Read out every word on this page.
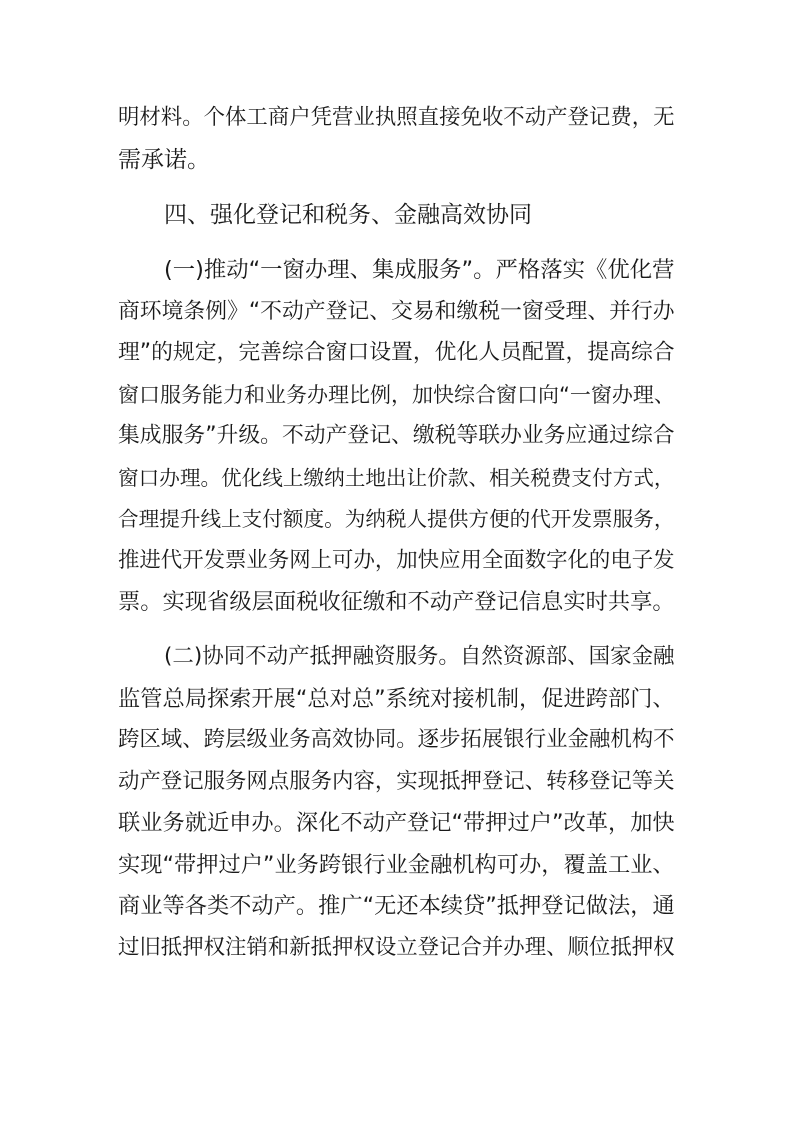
明材料。个体工商户凭营业执照直接免收不动产登记费，无

需承诺。

四、强化登记和税务、金融高效协同

(一)推动“一窗办理、集成服务”。严格落实《优化营

商环境条例》“不动产登记、交易和缴税一窗受理、并行办

理”的规定，完善综合窗口设置，优化人员配置，提高综合

窗口服务能力和业务办理比例，加快综合窗口向“一窗办理、

集成服务”升级。不动产登记、缴税等联办业务应通过综合

窗口办理。优化线上缴纳土地出让价款、相关税费支付方式，

合理提升线上支付额度。为纳税人提供方便的代开发票服务，

推进代开发票业务网上可办，加快应用全面数字化的电子发

票。实现省级层面税收征缴和不动产登记信息实时共享。

(二)协同不动产抵押融资服务。自然资源部、国家金融

监管总局探索开展“总对总”系统对接机制，促进跨部门、

跨区域、跨层级业务高效协同。逐步拓展银行业金融机构不

动产登记服务网点服务内容，实现抵押登记、转移登记等关

联业务就近申办。深化不动产登记“带押过户”改革，加快

实现“带押过户”业务跨银行业金融机构可办，覆盖工业、

商业等各类不动产。推广“无还本续贷”抵押登记做法，通

过旧抵押权注销和新抵押权设立登记合并办理、顺位抵押权
